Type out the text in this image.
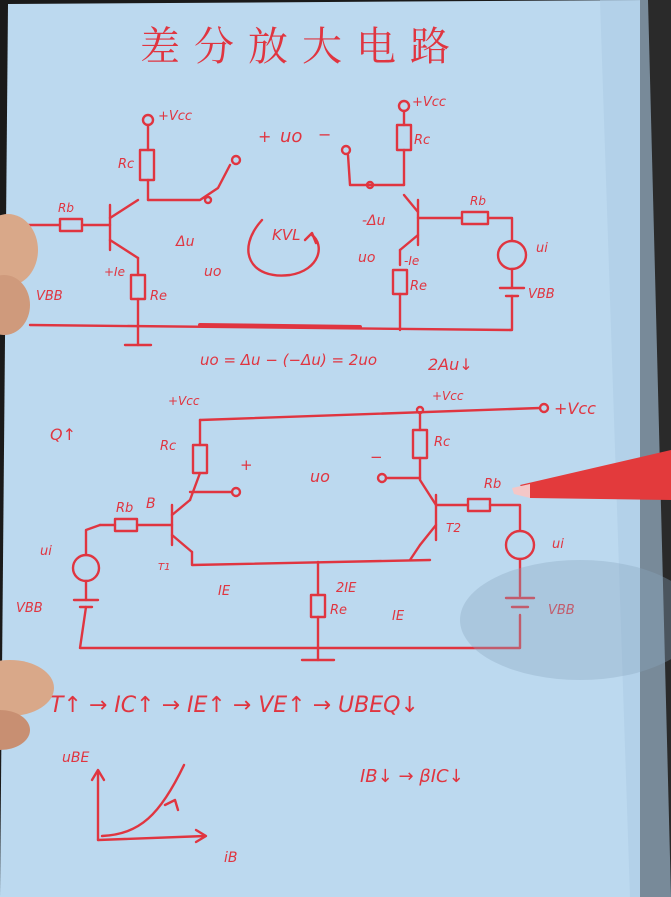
差分放大电路
+Vcc
+Vcc
Rc
Rc
Rb	Rb
Re
Re
VBB	VBB
uo
+	−
Δu
-Δu
uo
uo
+Ie
-Ie
KVL
ui
uo = Δu − (−Δu) = 2uo	2Au↓
Q↑
+Vcc	+Vcc
+Vcc
Rc	Rc
Rb
Rb
B
T1
T2
ui	ui
VBB	VBB
uo
+	−
IE
IE
2IE
Re
T↑ → IC↑ → IE↑ → VE↑ → UBEQ↓
uBE
iB
IB↓ → βIC↓
